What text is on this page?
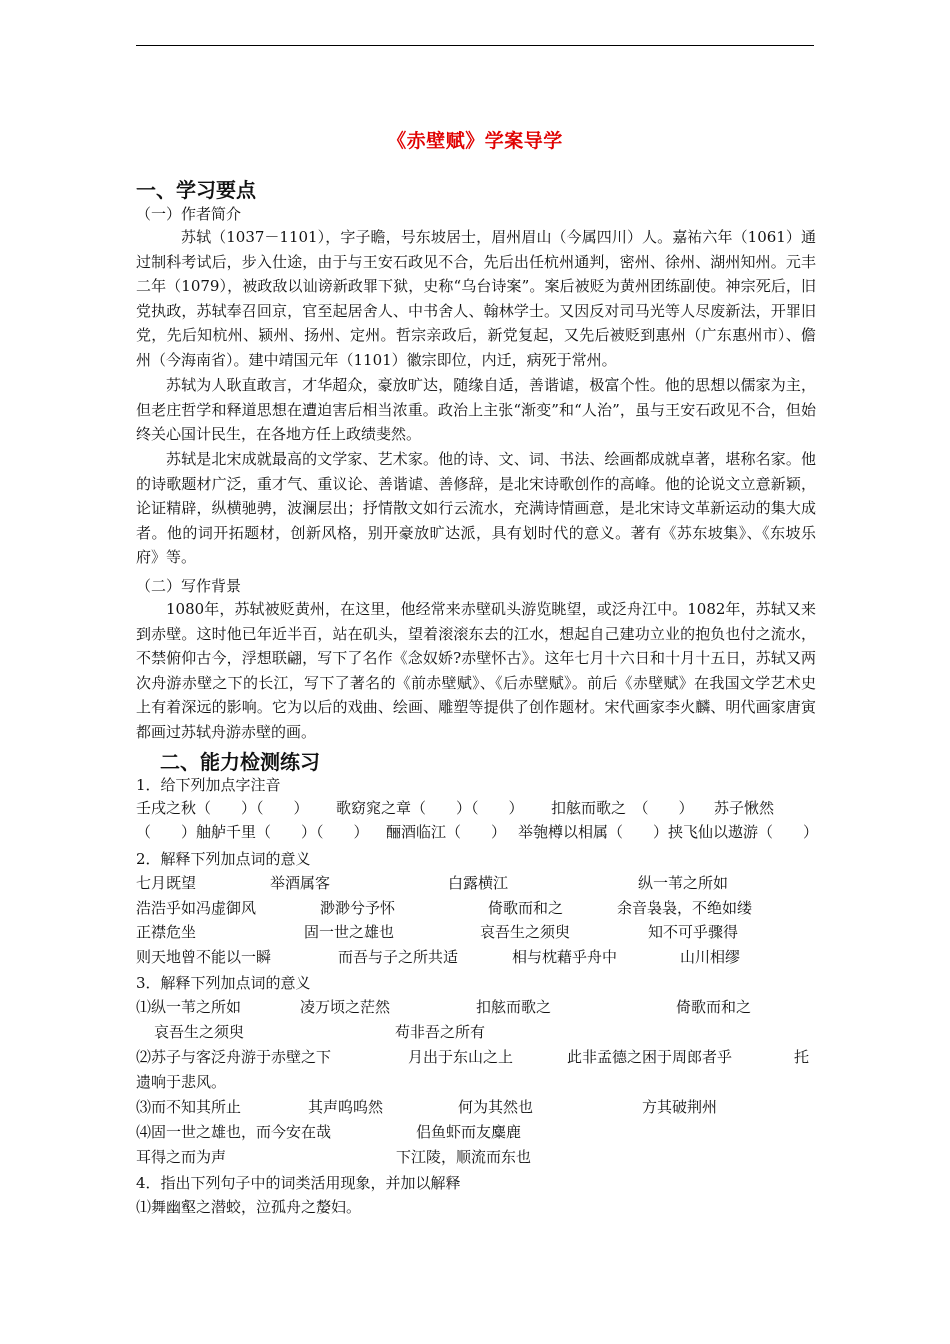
《赤壁赋》学案导学
一、学习要点
（一）作者简介

苏轼（1037－1101），字子瞻，号东坡居士，眉州眉山（今属四川）人。嘉祐六年（1061）通过制科考试后，步入仕途，由于与王安石政见不合，先后出任杭州通判，密州、徐州、湖州知州。元丰二年（1079），被政敌以讪谤新政罪下狱，史称“乌台诗案”。案后被贬为黄州团练副使。神宗死后，旧党执政，苏轼奉召回京，官至起居舍人、中书舍人、翰林学士。又因反对司马光等人尽废新法，开罪旧党，先后知杭州、颍州、扬州、定州。哲宗亲政后，新党复起，又先后被贬到惠州（广东惠州市）、儋州（今海南省）。建中靖国元年（1101）徽宗即位，内迁，病死于常州。

苏轼为人耿直敢言，才华超众，豪放旷达，随缘自适，善谐谑，极富个性。他的思想以儒家为主，但老庄哲学和释道思想在遭迫害后相当浓重。政治上主张“渐变”和“人治”，虽与王安石政见不合，但始终关心国计民生，在各地方任上政绩斐然。

苏轼是北宋成就最高的文学家、艺术家。他的诗、文、词、书法、绘画都成就卓著，堪称名家。他的诗歌题材广泛，重才气、重议论、善谐谑、善修辞，是北宋诗歌创作的高峰。他的论说文立意新颖，论证精辟，纵横驰骋，波澜层出；抒情散文如行云流水，充满诗情画意，是北宋诗文革新运动的集大成者。他的词开拓题材，创新风格，别开豪放旷达派，具有划时代的意义。著有《苏东坡集》、《东坡乐府》等。

（二）写作背景

1080年，苏轼被贬黄州，在这里，他经常来赤壁矶头游览眺望，或泛舟江中。1082年，苏轼又来到赤壁。这时他已年近半百，站在矶头，望着滚滚东去的江水，想起自己建功立业的抱负也付之流水，不禁俯仰古今，浮想联翩，写下了名作《念奴娇?赤壁怀古》。这年七月十六日和十月十五日，苏轼又两次舟游赤壁之下的长江，写下了著名的《前赤壁赋》、《后赤壁赋》。前后《赤壁赋》在我国文学艺术史上有着深远的影响。它为以后的戏曲、绘画、雕塑等提供了创作题材。宋代画家李火麟、明代画家唐寅都画过苏轼舟游赤壁的画。

二、能力检测练习
1．给下列加点字注音
壬戌之秋（　　）（　　） 歌窈窕之章（　　）（　　） 扣舷而歌之　（　　） 苏子愀然
（　　）舳舻千里（　　）（　　） 酾酒临江（　　） 举匏樽以相属（　　）挟飞仙以遨游（　　）
2．解释下列加点词的意义
七月既望	举酒属客	白露横江	纵一苇之所如
浩浩乎如冯虚御风	渺渺兮予怀	倚歌而和之	余音袅袅，不绝如缕
正襟危坐	固一世之雄也	哀吾生之须臾	知不可乎骤得
则天地曾不能以一瞬	而吾与子之所共适	相与枕藉乎舟中	山川相缪
3．解释下列加点词的意义
⑴纵一苇之所如	凌万顷之茫然	扣舷而歌之	倚歌而和之
哀吾生之须臾	苟非吾之所有
⑵苏子与客泛舟游于赤壁之下	月出于东山之上	此非孟德之困于周郎者乎	托
遗响于悲风。
⑶而不知其所止	其声呜呜然	何为其然也	方其破荆州
⑷固一世之雄也，而今安在哉	侣鱼虾而友麋鹿
耳得之而为声	下江陵，顺流而东也
4．指出下列句子中的词类活用现象，并加以解释
⑴舞幽壑之潜蛟，泣孤舟之嫠妇。
